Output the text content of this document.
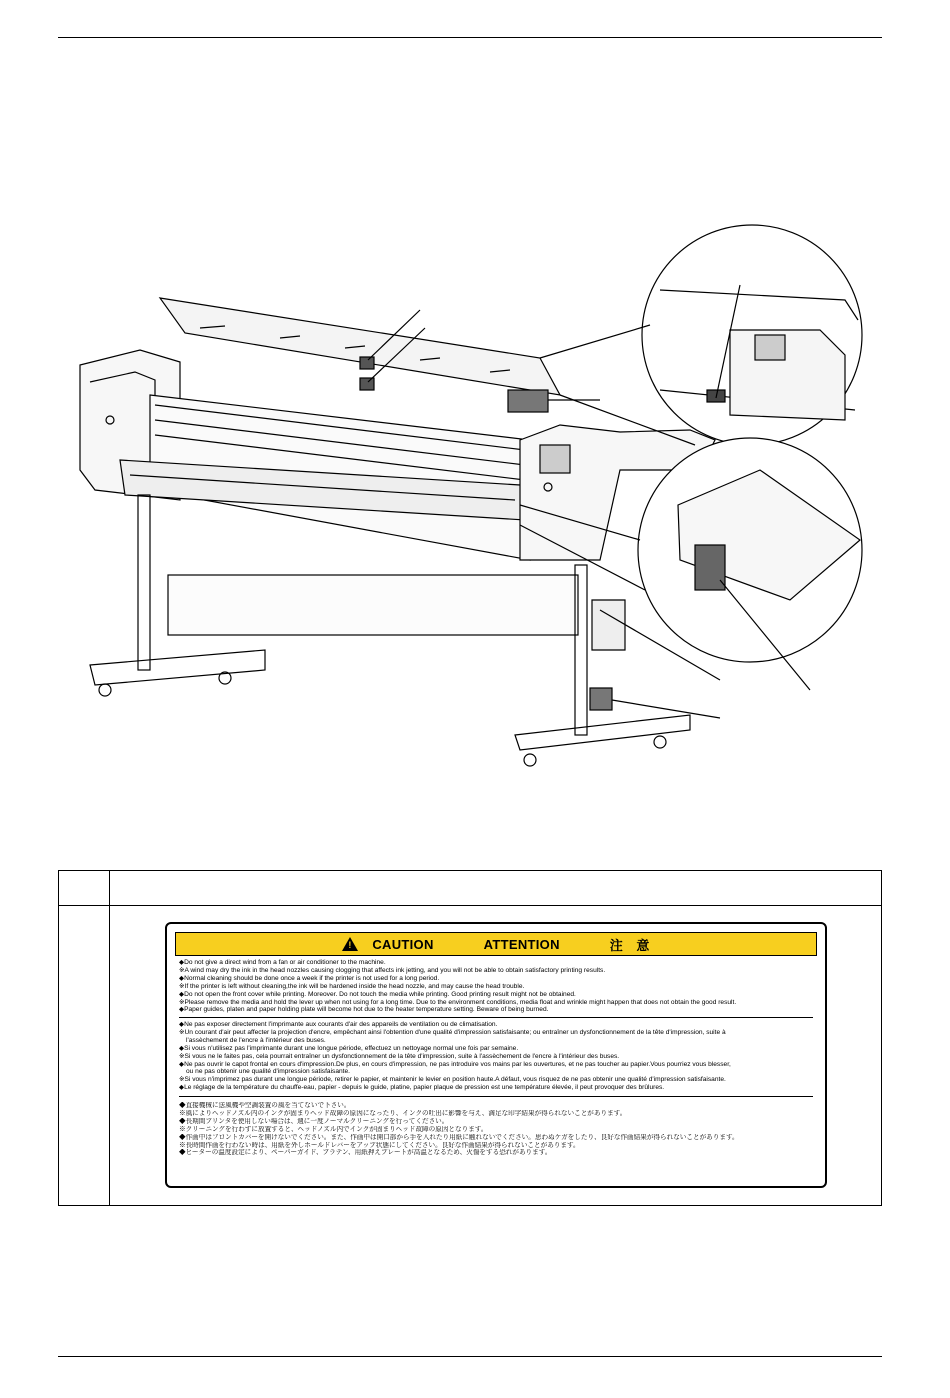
!
CAUTION	ATTENTION	注　意
◆Do not give a direct wind from a fan or air conditioner to the machine.
※A wind may dry the ink in the head nozzles causing clogging that affects ink jetting, and you will not be able to obtain satisfactory printing results.
◆Normal cleaning should be done once a week if the printer is not used for a long period.
※If the printer is left without cleaning,the ink will be hardened inside the head nozzle, and may cause the head trouble.
◆Do not open the front cover while printing. Moreover. Do not touch the media while printing. Good printing result might not be obtained.
※Please remove the media and hold the lever up when not using for a long time. Due to the environment conditions, media float and wrinkle might happen that does not obtain the good result.
◆Paper guides, platen and paper holding plate will become hot due to the heater temperature setting. Beware of being burned.
◆Ne pas exposer directement l'imprimante aux courants d'air des appareils de ventilation ou de climatisation.
※Un courant d'air peut affecter la projection d'encre, empêchant ainsi l'obtention d'une qualité d'impression satisfaisante; ou entraîner un dysfonctionnement de la tête d'impression, suite à
l'assèchement de l'encre à l'intérieur des buses.
◆Si vous n'utilisez pas l'imprimante durant une longue période, effectuez un nettoyage normal une fois par semaine.
※Si vous ne le faites pas, cela pourrait entraîner un dysfonctionnement de la tête d'impression, suite à l'assèchement de l'encre à l'intérieur des buses.
◆Ne pas ouvrir le capot frontal en cours d'impression.De plus, en cours d'impression, ne pas introduire vos mains par les ouvertures, et ne pas toucher au papier.Vous pourriez vous blesser,
ou ne pas obtenir une qualité d'impression satisfaisante.
※Si vous n'imprimez pas durant une longue période, retirer le papier, et maintenir le levier en position haute.A défaut, vous risquez de ne pas obtenir une qualité d'impression satisfaisante.
◆Le réglage de la température du chauffe-eau, papier - depuis le guide, platine, papier plaque de pression est une température élevée, il peut provoquer des brûlures.
◆直接機械に送風機や空調装置の風を当てないで下さい。
※風によりヘッドノズル内のインクが固まりヘッド故障の原因になったり、インクの吐出に影響を与え、満足な印字結果が得られないことがあります。
◆長期間プリンタを使用しない場合は、週に一度ノーマルクリーニングを行ってください。
※クリーニングを行わずに放置すると、ヘッドノズル内でインクが固まりヘッド故障の原因となります。
◆作画中はフロントカバーを開けないでください。また、作画中は開口部から手を入れたり用紙に触れないでください。思わぬケガをしたり、良好な作画結果が得られないことがあります。
※長時間作画を行わない時は、用紙を外しホールドレバーをアップ状態にしてください。良好な作画結果が得られないことがあります。
◆ヒーターの温度設定により、ペーパーガイド、プラテン、用紙押えプレートが高温となるため、火傷をする恐れがあります。
